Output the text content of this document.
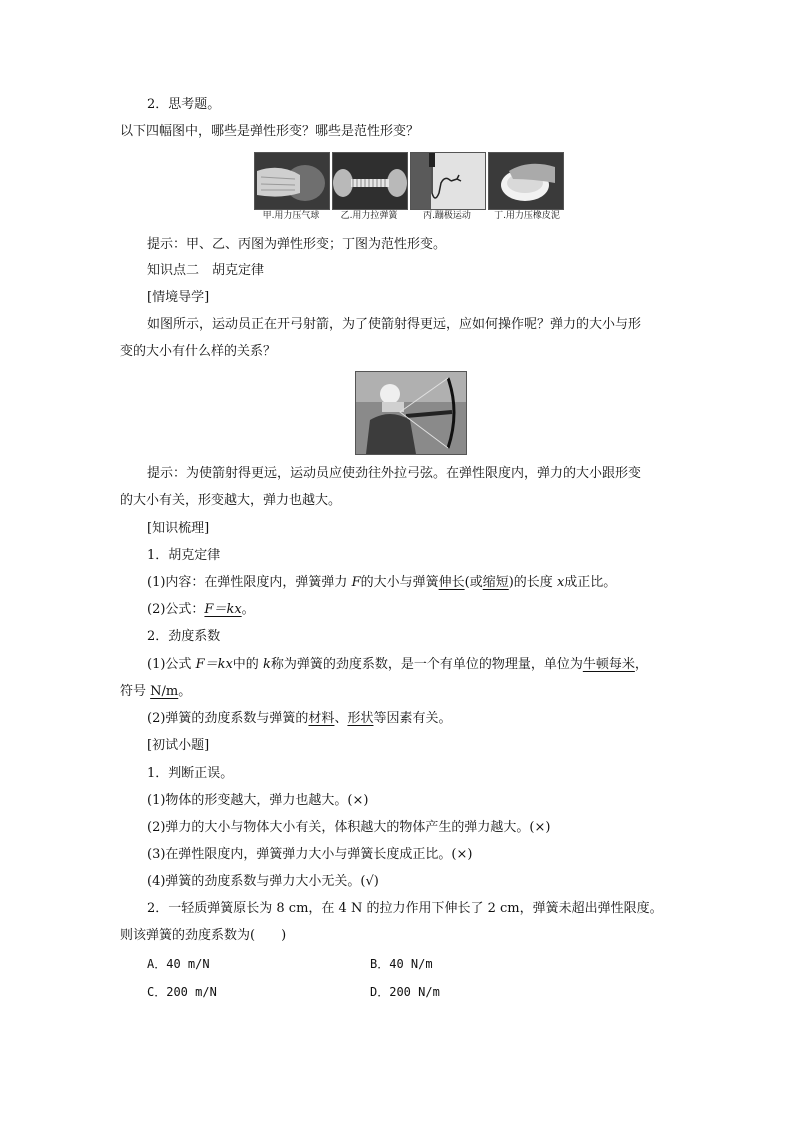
2．思考题。
以下四幅图中，哪些是弹性形变？哪些是范性形变？
甲.用力压气球	乙.用力拉弹簧	丙.蹦极运动	丁.用力压橡皮泥
提示：甲、乙、丙图为弹性形变；丁图为范性形变。
知识点二　胡克定律
[情境导学]
如图所示，运动员正在开弓射箭，为了使箭射得更远，应如何操作呢？弹力的大小与形
变的大小有什么样的关系？
提示：为使箭射得更远，运动员应使劲往外拉弓弦。在弹性限度内，弹力的大小跟形变
的大小有关，形变越大，弹力也越大。
[知识梳理]
1．胡克定律
(1)内容：在弹性限度内，弹簧弹力 F的大小与弹簧伸长(或缩短)的长度 x成正比。
(2)公式：F＝kx。
2．劲度系数
(1)公式 F＝kx中的 k称为弹簧的劲度系数，是一个有单位的物理量，单位为牛顿每米，
符号 N/m。
(2)弹簧的劲度系数与弹簧的材料、形状等因素有关。
[初试小题]
1．判断正误。
(1)物体的形变越大，弹力也越大。(×)
(2)弹力的大小与物体大小有关，体积越大的物体产生的弹力越大。(×)
(3)在弹性限度内，弹簧弹力大小与弹簧长度成正比。(×)
(4)弹簧的劲度系数与弹力大小无关。(√)
2．一轻质弹簧原长为 8 cm，在 4 N 的拉力作用下伸长了 2 cm，弹簧未超出弹性限度。
则该弹簧的劲度系数为(　　)
A．40 m/N	B．40 N/m
C．200 m/N	D．200 N/m
